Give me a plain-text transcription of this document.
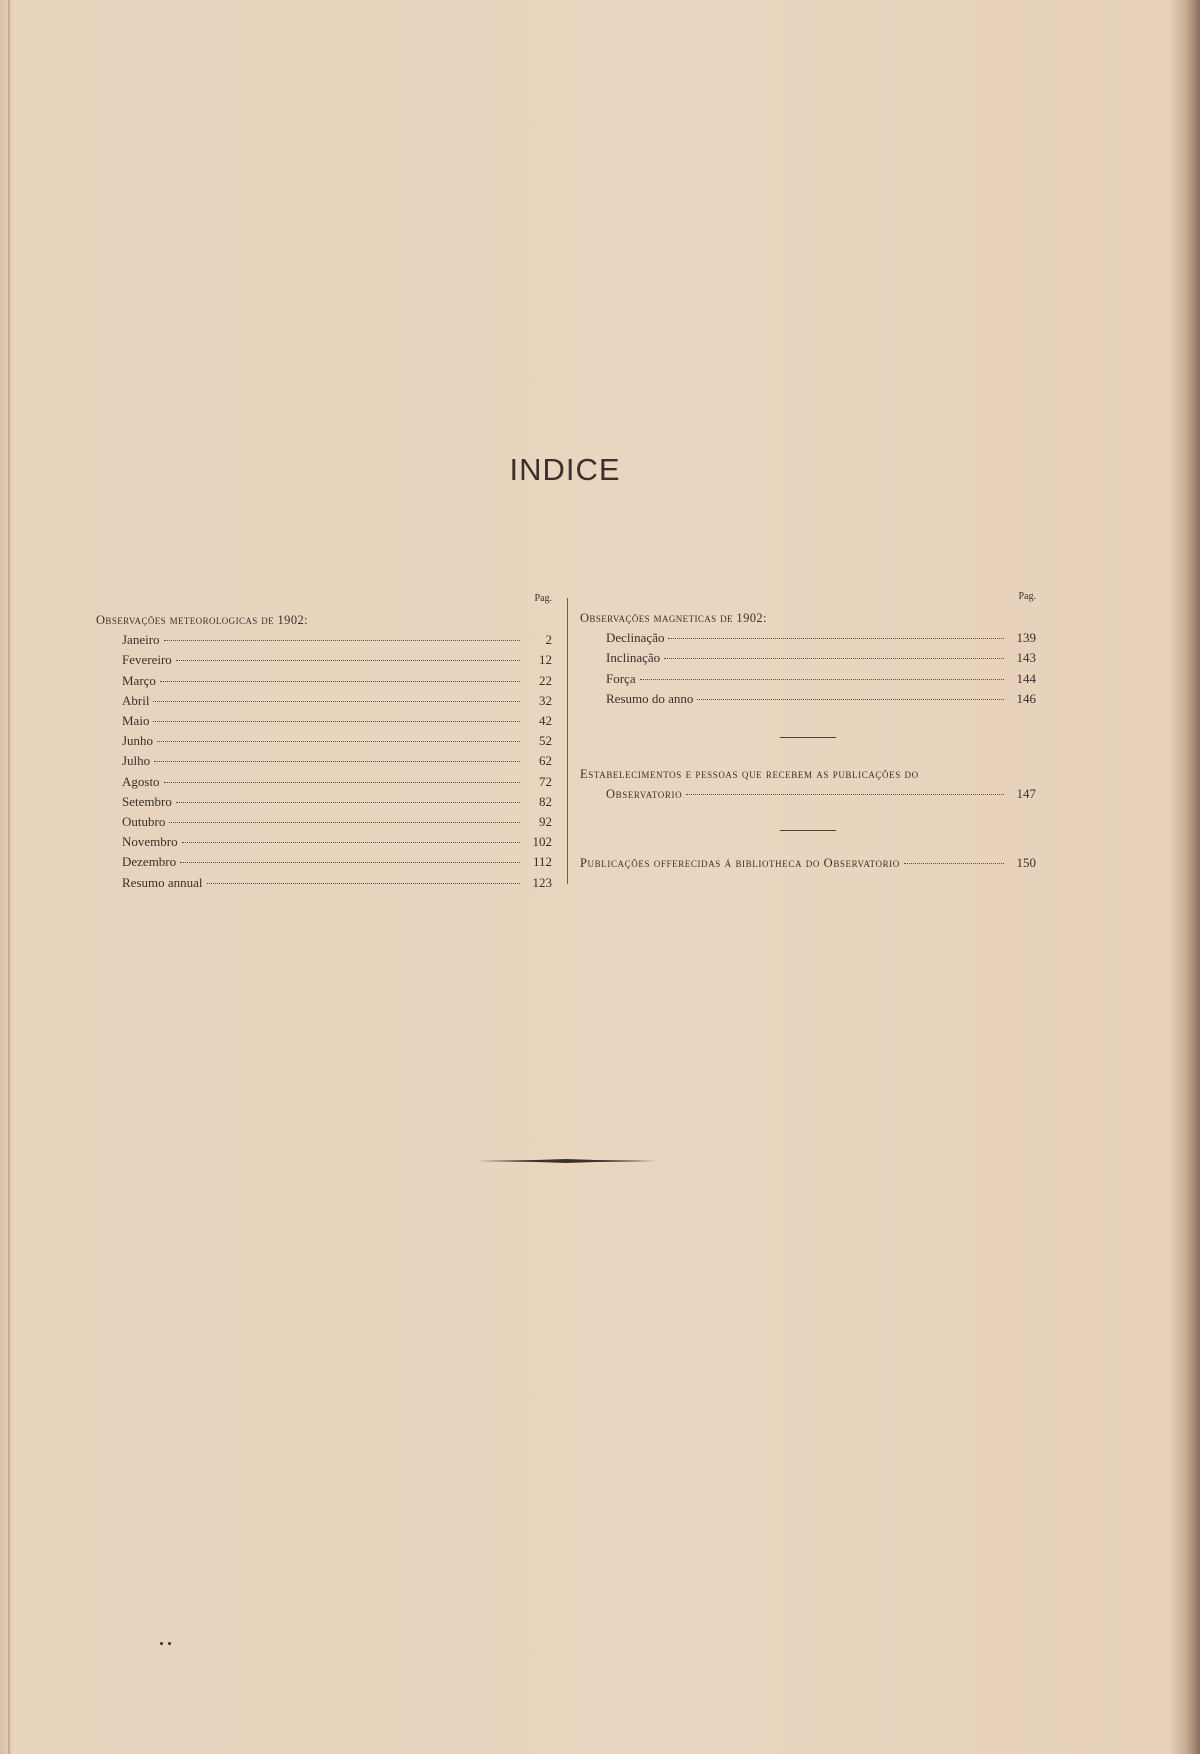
INDICE
Pag.
Observações meteorologicas de 1902:
Janeiro	2
Fevereiro	12
Março	22
Abril	32
Maio	42
Junho	52
Julho	62
Agosto	72
Setembro	82
Outubro	92
Novembro	102
Dezembro	112
Resumo annual	123
Pag.
Observações magneticas de 1902:
Declinação	139
Inclinação	143
Força	144
Resumo do anno	146
Estabelecimentos e pessoas que recebem as publicações do
Observatorio	147
Publicações offerecidas á bibliotheca do Observatorio	150
